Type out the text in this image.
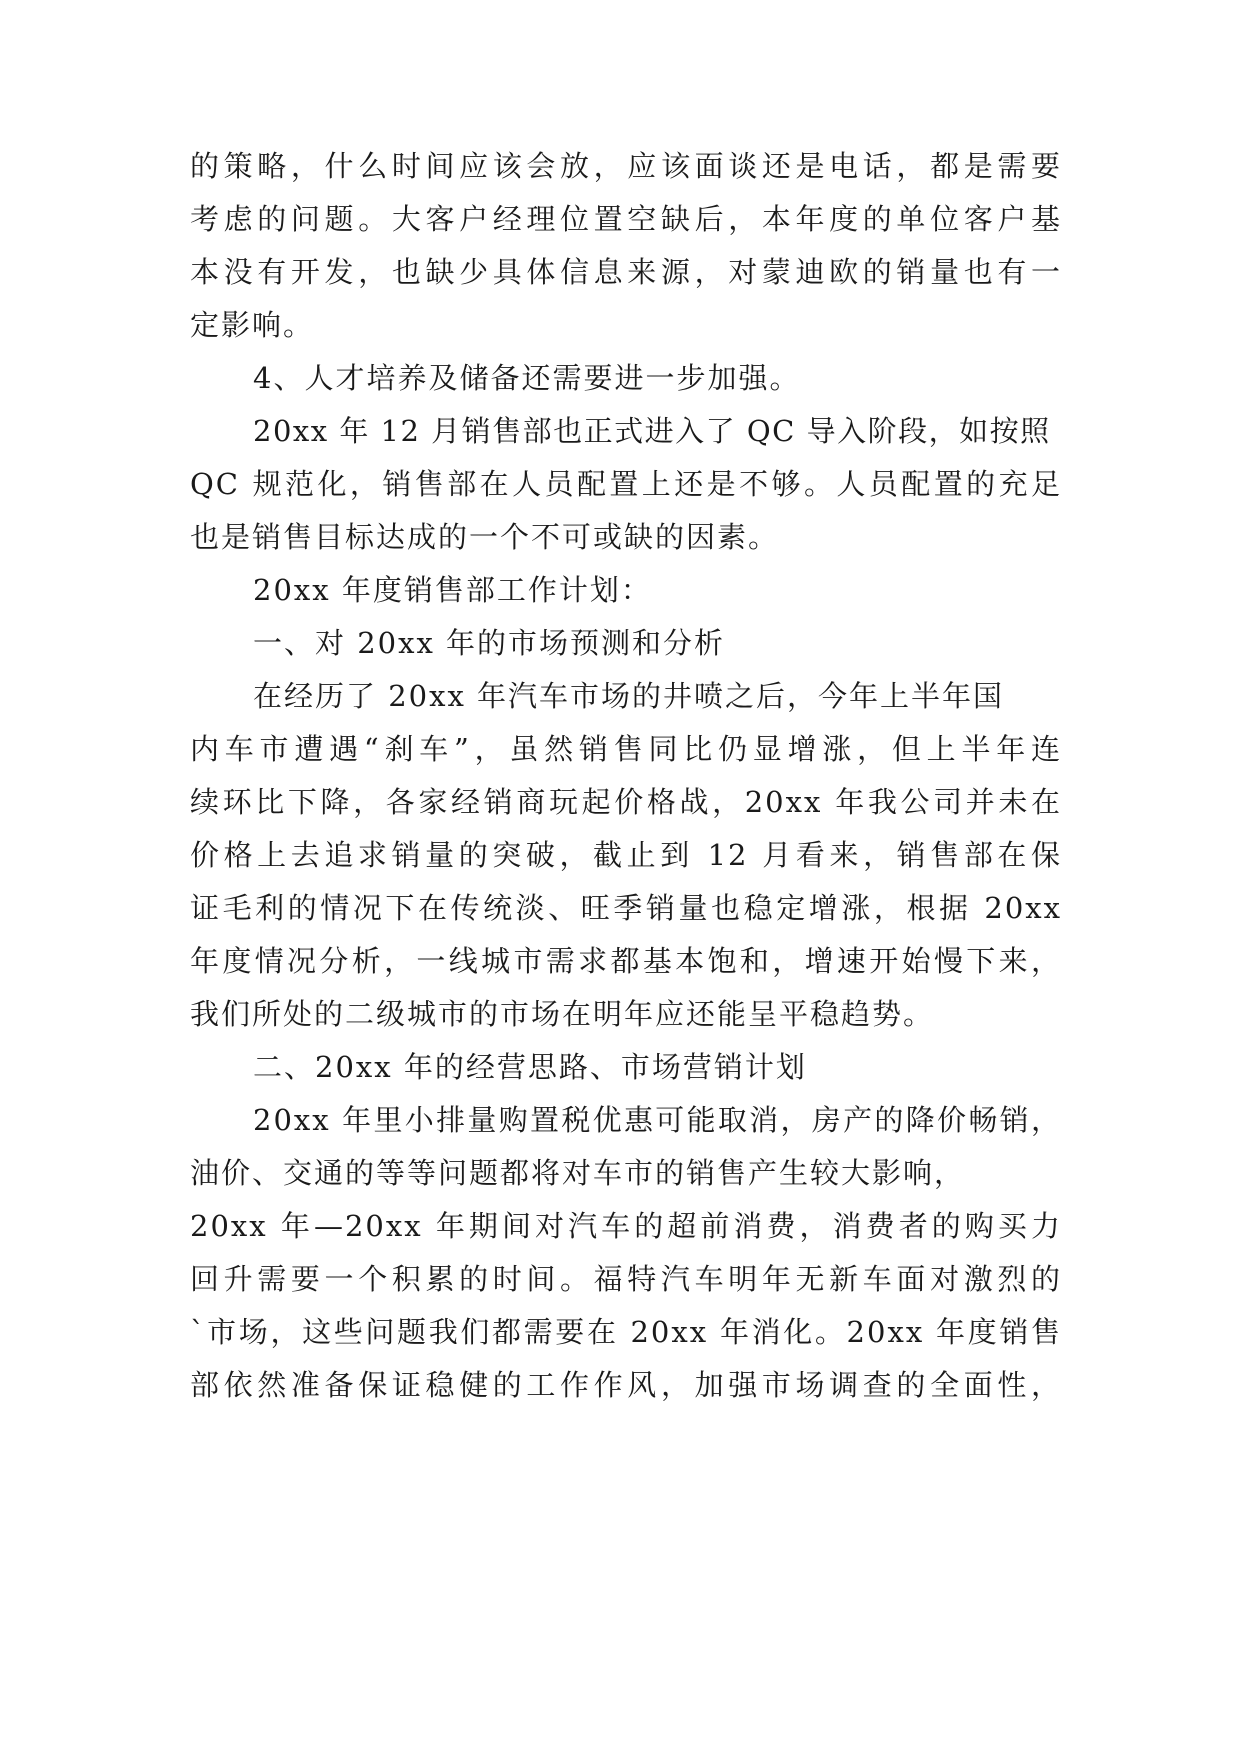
的策略，什么时间应该会放，应该面谈还是电话，都是需要
考虑的问题。大客户经理位置空缺后，本年度的单位客户基
本没有开发，也缺少具体信息来源，对蒙迪欧的销量也有一
定影响。
4、人才培养及储备还需要进一步加强。
20xx 年 12 月销售部也正式进入了 QC 导入阶段，如按照
QC 规范化，销售部在人员配置上还是不够。人员配置的充足
也是销售目标达成的一个不可或缺的因素。
20xx 年度销售部工作计划：
一、对 20xx 年的市场预测和分析
在经历了 20xx 年汽车市场的井喷之后，今年上半年国
内车市遭遇“刹车”，虽然销售同比仍显增涨，但上半年连
续环比下降，各家经销商玩起价格战，20xx 年我公司并未在
价格上去追求销量的突破，截止到 12 月看来，销售部在保
证毛利的情况下在传统淡、旺季销量也稳定增涨，根据 20xx
年度情况分析，一线城市需求都基本饱和，增速开始慢下来，
我们所处的二级城市的市场在明年应还能呈平稳趋势。
二、20xx 年的经营思路、市场营销计划
20xx 年里小排量购置税优惠可能取消，房产的降价畅销，
油价、交通的等等问题都将对车市的销售产生较大影响，
20xx 年—20xx 年期间对汽车的超前消费，消费者的购买力
回升需要一个积累的时间。福特汽车明年无新车面对激烈的
`市场，这些问题我们都需要在 20xx 年消化。20xx 年度销售
部依然准备保证稳健的工作作风，加强市场调查的全面性，
